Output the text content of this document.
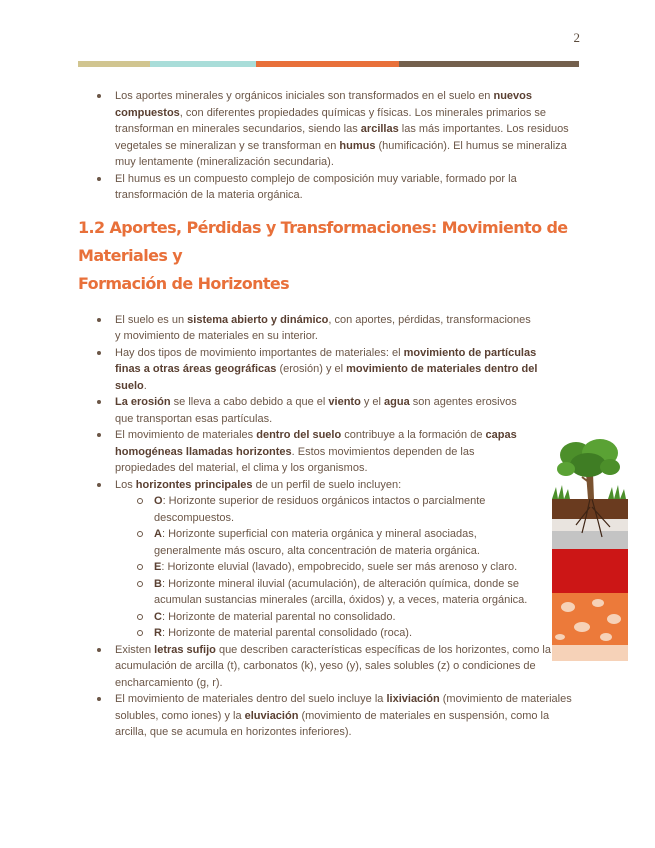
2
Los aportes minerales y orgánicos iniciales son transformados en el suelo en nuevos compuestos, con diferentes propiedades químicas y físicas. Los minerales primarios se transforman en minerales secundarios, siendo las arcillas las más importantes. Los residuos vegetales se mineralizan y se transforman en humus (humificación). El humus se mineraliza muy lentamente (mineralización secundaria).
El humus es un compuesto complejo de composición muy variable, formado por la transformación de la materia orgánica.
1.2 Aportes, Pérdidas y Transformaciones: Movimiento de Materiales y
Formación de Horizontes
El suelo es un sistema abierto y dinámico, con aportes, pérdidas, transformaciones y movimiento de materiales en su interior.
Hay dos tipos de movimiento importantes de materiales: el movimiento de partículas finas a otras áreas geográficas (erosión) y el movimiento de materiales dentro del suelo.
La erosión se lleva a cabo debido a que el viento y el agua son agentes erosivos que transportan esas partículas.
El movimiento de materiales dentro del suelo contribuye a la formación de capas homogéneas llamadas horizontes. Estos movimientos dependen de las propiedades del material, el clima y los organismos.
Los horizontes principales de un perfil de suelo incluyen:
O: Horizonte superior de residuos orgánicos intactos o parcialmente descompuestos.
A: Horizonte superficial con materia orgánica y mineral asociadas, generalmente más oscuro, alta concentración de materia orgánica.
E: Horizonte eluvial (lavado), empobrecido, suele ser más arenoso y claro.
B: Horizonte mineral iluvial (acumulación), de alteración química, donde se acumulan sustancias minerales (arcilla, óxidos) y, a veces, materia orgánica.
C: Horizonte de material parental no consolidado.
R: Horizonte de material parental consolidado (roca).
Existen letras sufijo que describen características específicas de los horizontes, como la acumulación de arcilla (t), carbonatos (k), yeso (y), sales solubles (z) o condiciones de encharcamiento (g, r).
El movimiento de materiales dentro del suelo incluye la lixiviación (movimiento de materiales solubles, como iones) y la eluviación (movimiento de materiales en suspensión, como la arcilla, que se acumula en horizontes inferiores).
